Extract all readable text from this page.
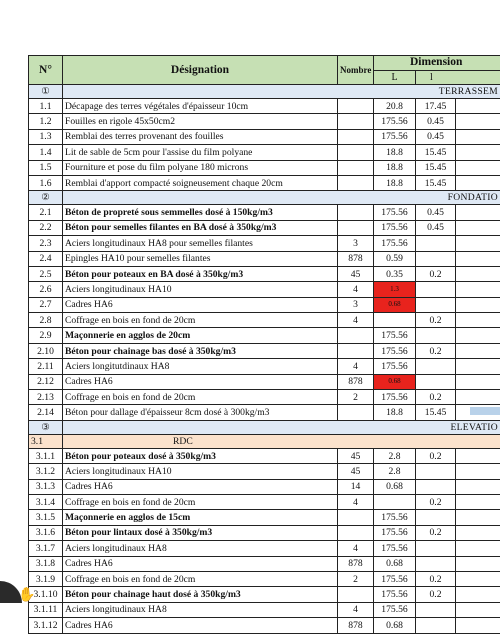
N°	Désignation	Nombre	Dimension		
			L	l	
①	TERRASSEM				
1.1	Décapage des terres végétales d'épaisseur 10cm		20.8	17.45	
1.2	Fouilles en rigole 45x50cm2		175.56	0.45	
1.3	Remblai des terres provenant des fouilles		175.56	0.45	
1.4	Lit de sable de 5cm pour l'assise du film polyane		18.8	15.45	
1.5	Fourniture et pose du film polyane 180 microns		18.8	15.45	
1.6	Remblai d'apport compacté soigneusement chaque 20cm		18.8	15.45	
②	FONDATIO				
2.1	Béton de propreté sous semmelles dosé à 150kg/m3		175.56	0.45	
2.2	Béton pour semelles filantes en BA dosé à 350kg/m3		175.56	0.45	
2.3	Aciers longitudinaux HA8 pour semelles filantes	3	175.56		
2.4	Epingles HA10 pour semelles filantes	878	0.59		
2.5	Béton pour poteaux en BA dosé à 350kg/m3	45	0.35	0.2	
2.6	Aciers longitudinaux HA10	4	1.3		
2.7	Cadres HA6	3	0.68		
2.8	Coffrage en bois en fond de 20cm	4		0.2	
2.9	Maçonnerie en agglos de 20cm		175.56		
2.10	Béton pour chainage bas dosé à 350kg/m3		175.56	0.2	
2.11	Aciers longitutdinaux HA8	4	175.56		
2.12	Cadres HA6	878	0.68		
2.13	Coffrage en bois en fond de 20cm	2	175.56	0.2	
2.14	Béton pour dallage d'épaisseur 8cm dosé à 300kg/m3		18.8	15.45	
③	ELEVATIO				
3.1	RDC				
3.1.1	Béton pour poteaux dosé à 350kg/m3	45	2.8	0.2	
3.1.2	Aciers longitudinaux HA10	45	2.8		
3.1.3	Cadres HA6	14	0.68		
3.1.4	Coffrage en bois en fond de 20cm	4		0.2	
3.1.5	Maçonnerie en agglos de 15cm		175.56		
3.1.6	Béton pour lintaux dosé à 350kg/m3		175.56	0.2	
3.1.7	Aciers longitudinaux HA8	4	175.56		
3.1.8	Cadres HA6	878	0.68		
3.1.9	Coffrage en bois en fond de 20cm	2	175.56	0.2	
3.1.10	Béton pour chainage haut dosé à 350kg/m3		175.56	0.2	
3.1.11	Aciers longitudinaux HA8	4	175.56		
3.1.12	Cadres HA6	878	0.68		
✋
